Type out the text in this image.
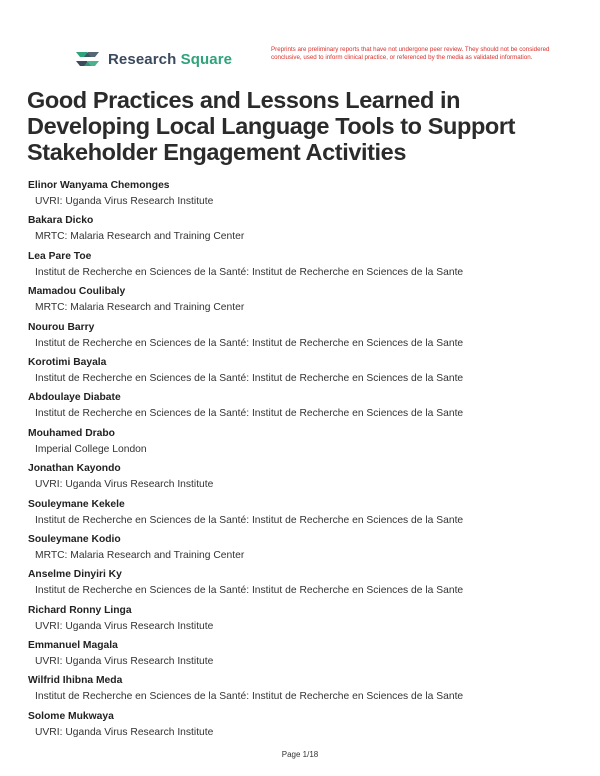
Research Square
Preprints are preliminary reports that have not undergone peer review. They should not be considered conclusive, used to inform clinical practice, or referenced by the media as validated information.
Good Practices and Lessons Learned in Developing Local Language Tools to Support Stakeholder Engagement Activities
Elinor Wanyama Chemonges
UVRI: Uganda Virus Research Institute
Bakara Dicko
MRTC: Malaria Research and Training Center
Lea Pare Toe
Institut de Recherche en Sciences de la Santé: Institut de Recherche en Sciences de la Sante
Mamadou Coulibaly
MRTC: Malaria Research and Training Center
Nourou Barry
Institut de Recherche en Sciences de la Santé: Institut de Recherche en Sciences de la Sante
Korotimi Bayala
Institut de Recherche en Sciences de la Santé: Institut de Recherche en Sciences de la Sante
Abdoulaye Diabate
Institut de Recherche en Sciences de la Santé: Institut de Recherche en Sciences de la Sante
Mouhamed Drabo
Imperial College London
Jonathan Kayondo
UVRI: Uganda Virus Research Institute
Souleymane Kekele
Institut de Recherche en Sciences de la Santé: Institut de Recherche en Sciences de la Sante
Souleymane Kodio
MRTC: Malaria Research and Training Center
Anselme Dinyiri Ky
Institut de Recherche en Sciences de la Santé: Institut de Recherche en Sciences de la Sante
Richard Ronny Linga
UVRI: Uganda Virus Research Institute
Emmanuel Magala
UVRI: Uganda Virus Research Institute
Wilfrid Ihibna Meda
Institut de Recherche en Sciences de la Santé: Institut de Recherche en Sciences de la Sante
Solome Mukwaya
UVRI: Uganda Virus Research Institute
Page 1/18
